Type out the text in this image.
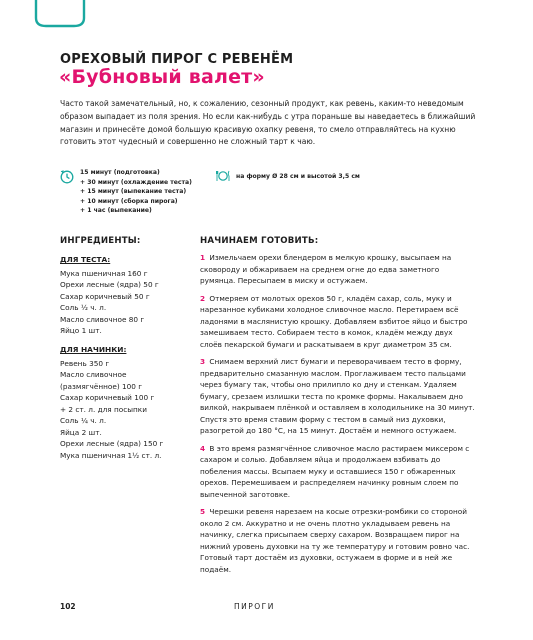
ОРЕХОВЫЙ ПИРОГ С РЕВЕНЁМ
«Бубновый валет»
Часто такой замечательный, но, к сожалению, сезонный продукт, как ревень, каким-то неведомым образом выпадает из поля зрения. Но если как-нибудь с утра пораньше вы наведаетесь в ближайший магазин и принесёте домой большую красивую охапку ревеня, то смело отправляйтесь на кухню готовить этот чудесный и совершенно не сложный тарт к чаю.
15 минут (подготовка)
+ 30 минут (охлаждение теста)
+ 15 минут (выпекание теста)
+ 10 минут (сборка пирога)
+ 1 час (выпекание)
на форму Ø 28 см и высотой 3,5 см
ИНГРЕДИЕНТЫ:	НАЧИНАЕМ ГОТОВИТЬ:
ДЛЯ ТЕСТА:
Мука пшеничная 160 г
Орехи лесные (ядра) 50 г
Сахар коричневый 50 г
Соль ½ ч. л.
Масло сливочное 80 г
Яйцо 1 шт.
ДЛЯ НАЧИНКИ:
Ревень 350 г
Масло сливочное
(размягчённое) 100 г
Сахар коричневый 100 г
+ 2 ст. л. для посыпки
Соль ¼ ч. л.
Яйца 2 шт.
Орехи лесные (ядра) 150 г
Мука пшеничная 1½ ст. л.
1 Измельчаем орехи блендером в мелкую крошку, высыпаем на сковороду и обжариваем на среднем огне до едва заметного румянца. Пересыпаем в миску и остужаем.
2 Отмеряем от молотых орехов 50 г, кладём сахар, соль, муку и нарезанное кубиками холодное сливочное масло. Перетираем всё ладонями в маслянистую крошку. Добавляем взбитое яйцо и быстро замешиваем тесто. Собираем тесто в комок, кладём между двух слоёв пекарской бумаги и раскатываем в круг диаметром 35 см.
3 Снимаем верхний лист бумаги и переворачиваем тесто в форму, предварительно смазанную маслом. Проглаживаем тесто пальцами через бумагу так, чтобы оно прилипло ко дну и стенкам. Удаляем бумагу, срезаем излишки теста по кромке формы. Накалываем дно вилкой, накрываем плёнкой и оставляем в холодильнике на 30 минут. Спустя это время ставим форму с тестом в самый низ духовки, разогретой до 180 °С, на 15 минут. Достаём и немного остужаем.
4 В это время размягчённое сливочное масло растираем миксером с сахаром и солью. Добавляем яйца и продолжаем взбивать до побеления массы. Всыпаем муку и оставшиеся 150 г обжаренных орехов. Перемешиваем и распределяем начинку ровным слоем по выпеченной заготовке.
5 Черешки ревеня нарезаем на косые отрезки-ромбики со стороной около 2 см. Аккуратно и не очень плотно укладываем ревень на начинку, слегка присыпаем сверху сахаром. Возвращаем пирог на нижний уровень духовки на ту же температуру и готовим ровно час. Готовый тарт достаём из духовки, остужаем в форме и в ней же подаём.
102	ПИРОГИ
